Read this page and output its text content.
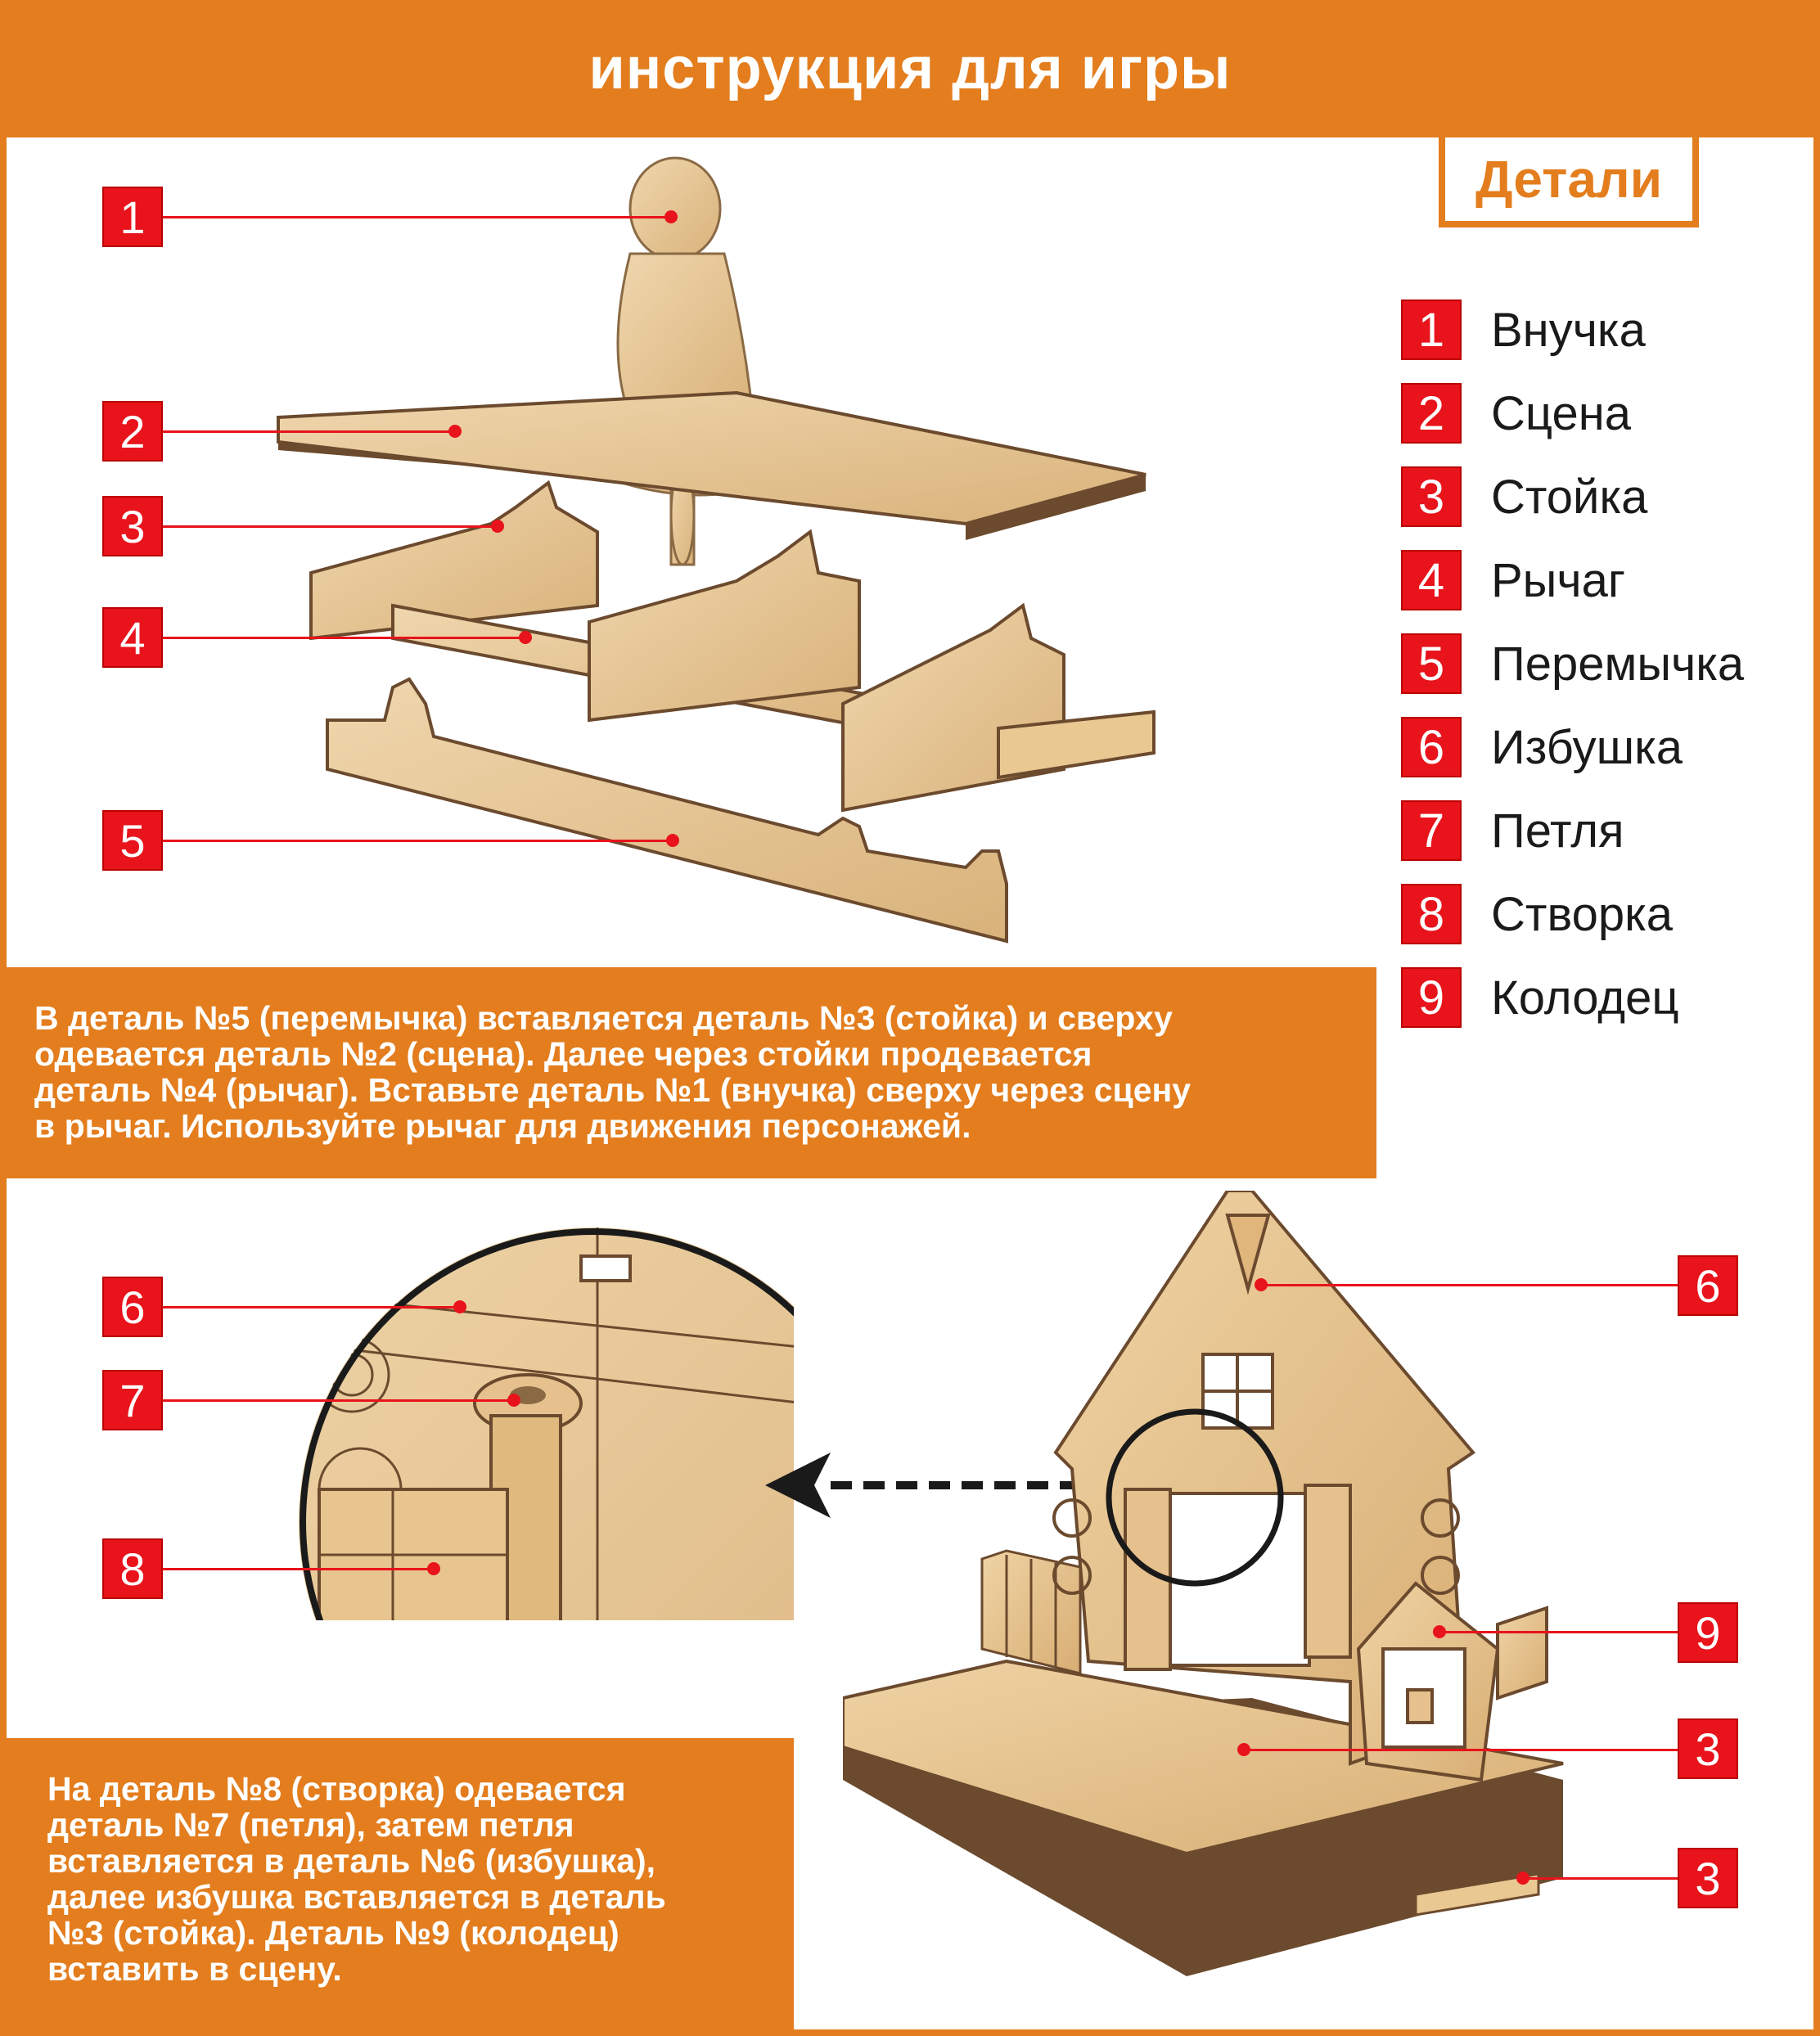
инструкция для игры
Детали
1 Внучка
2 Сцена
3 Стойка
4 Рычаг
5 Перемычка
6 Избушка
7 Петля
8 Створка
9 Колодец
1
2
3
4
5

В деталь №5 (перемычка) вставляется деталь №3 (стойка) и сверху
одевается деталь №2 (сцена). Далее через стойки продевается
деталь №4 (рычаг). Вставьте деталь №1 (внучка) сверху через сцену
в рычаг. Используйте рычаг для движения персонажей.

6
7
8
6
9
3
3

На деталь №8 (створка) одевается
деталь №7 (петля), затем петля
вставляется в деталь №6 (избушка),
далее избушка вставляется в деталь
№3 (стойка). Деталь №9 (колодец)
вставить в сцену.
